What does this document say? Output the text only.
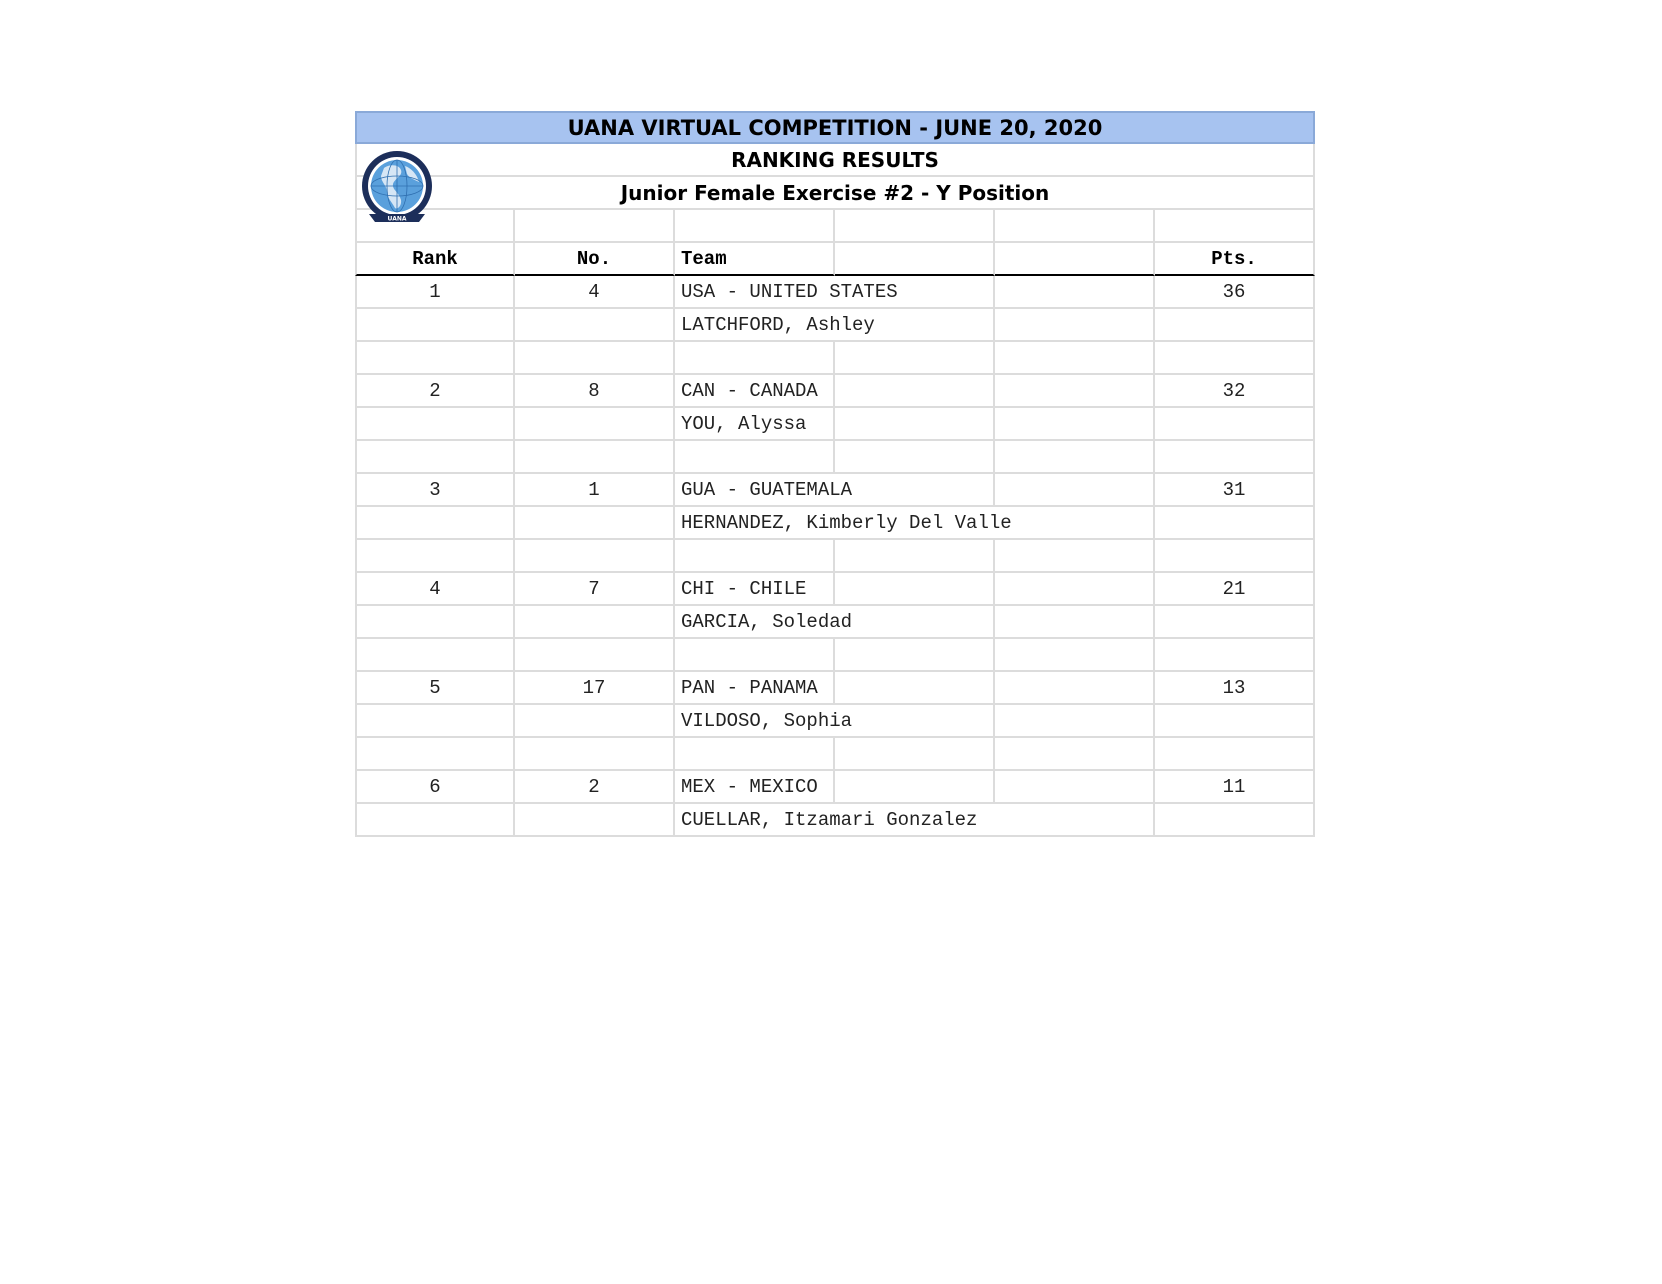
UANA VIRTUAL COMPETITION - JUNE 20, 2020
UANA
RANKING RESULTS
Junior Female Exercise #2 - Y Position
Rank	No.	Team	Pts.
1	4	USA - UNITED STATES	36
LATCHFORD, Ashley
2	8	CAN - CANADA	32
YOU, Alyssa
3	1	GUA - GUATEMALA	31
HERNANDEZ, Kimberly Del Valle
4	7	CHI - CHILE	21
GARCIA, Soledad
5	17	PAN - PANAMA	13
VILDOSO, Sophia
6	2	MEX - MEXICO	11
CUELLAR, Itzamari Gonzalez
